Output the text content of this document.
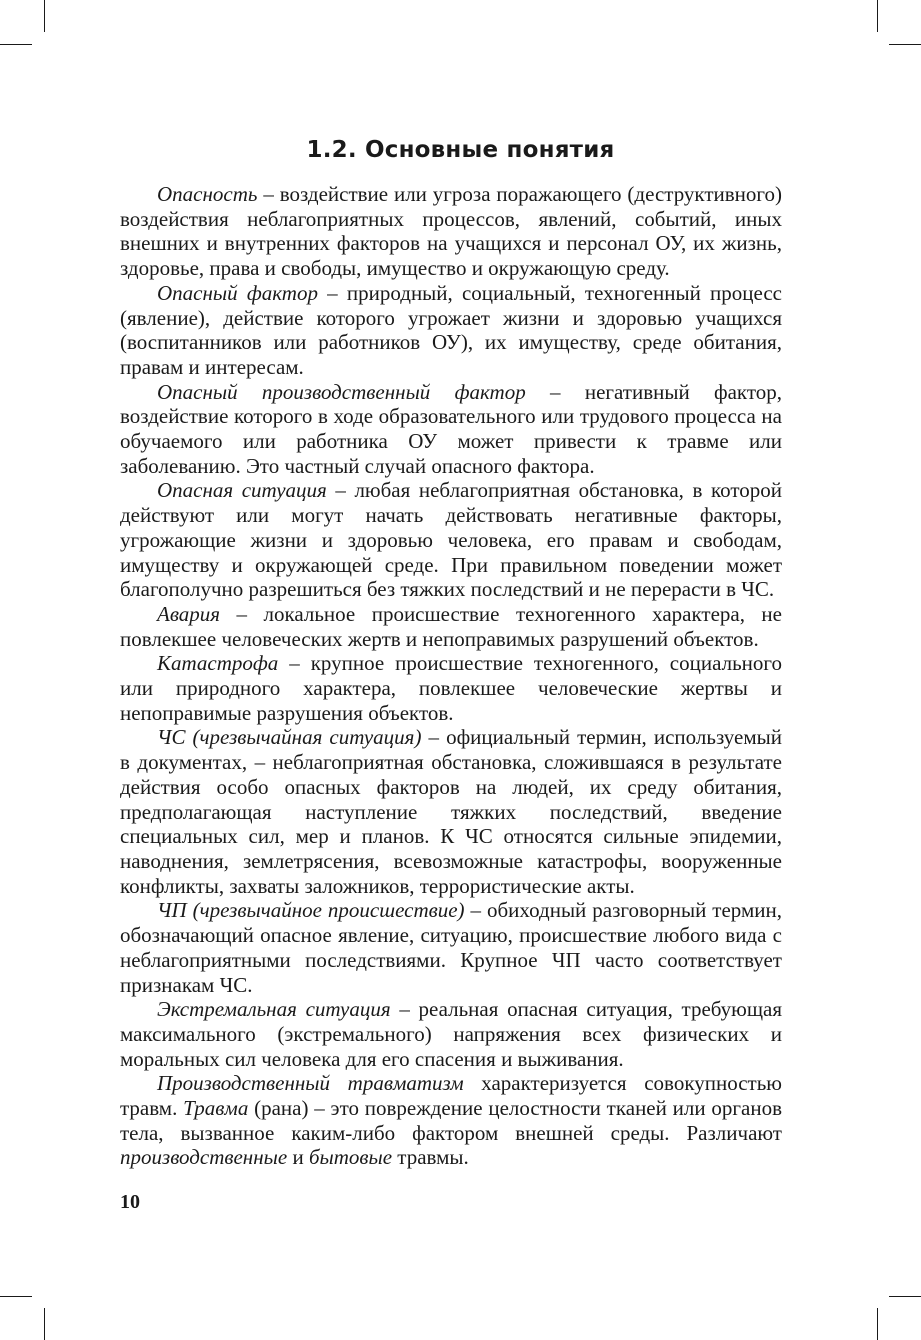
1.2. Основные понятия

Опасность – воздействие или угроза поражающего (деструктивного) воздействия неблагоприятных процессов, явлений, событий, иных внешних и внутренних факторов на учащихся и персонал ОУ, их жизнь, здоровье, права и свободы, имущество и окружающую среду.

Опасный фактор – природный, социальный, техногенный процесс (явление), действие которого угрожает жизни и здоровью учащихся (воспитанников или работников ОУ), их имуществу, среде обитания, правам и интересам.

Опасный производственный фактор – негативный фактор, воздействие которого в ходе образовательного или трудового процесса на обучаемого или работника ОУ может привести к травме или заболеванию. Это частный случай опасного фактора.

Опасная ситуация – любая неблагоприятная обстановка, в которой действуют или могут начать действовать негативные факторы, угрожающие жизни и здоровью человека, его правам и свободам, имуществу и окружающей среде. При правильном поведении может благополучно разрешиться без тяжких последствий и не перерасти в ЧС.

Авария – локальное происшествие техногенного характера, не повлекшее человеческих жертв и непоправимых разрушений объектов.

Катастрофа – крупное происшествие техногенного, социального или природного характера, повлекшее человеческие жертвы и непоправимые разрушения объектов.

ЧС (чрезвычайная ситуация) – официальный термин, используемый в документах, – неблагоприятная обстановка, сложившаяся в результате действия особо опасных факторов на людей, их среду обитания, предполагающая наступление тяжких последствий, введение специальных сил, мер и планов. К ЧС относятся сильные эпидемии, наводнения, землетрясения, всевозможные катастрофы, вооруженные конфликты, захваты заложников, террористические акты.

ЧП (чрезвычайное происшествие) – обиходный разговорный термин, обозначающий опасное явление, ситуацию, происшествие любого вида с неблагоприятными последствиями. Крупное ЧП часто соответствует признакам ЧС.

Экстремальная ситуация – реальная опасная ситуация, требующая максимального (экстремального) напряжения всех физических и моральных сил человека для его спасения и выживания.

Производственный травматизм характеризуется совокупностью травм. Травма (рана) – это повреждение целостности тканей или органов тела, вызванное каким-либо фактором внешней среды. Различают производственные и бытовые травмы.

10
